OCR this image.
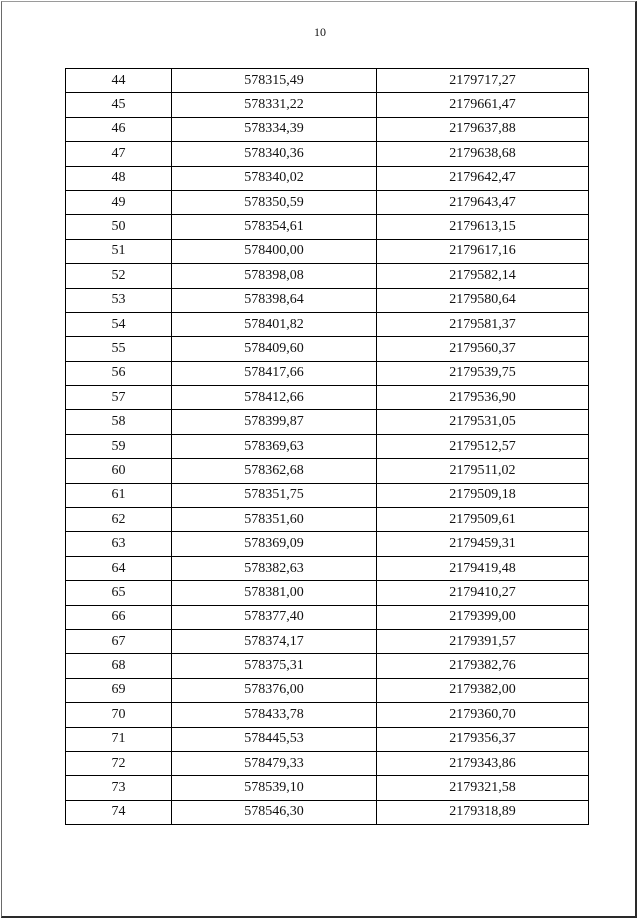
10
44	578315,49	2179717,27
45	578331,22	2179661,47
46	578334,39	2179637,88
47	578340,36	2179638,68
48	578340,02	2179642,47
49	578350,59	2179643,47
50	578354,61	2179613,15
51	578400,00	2179617,16
52	578398,08	2179582,14
53	578398,64	2179580,64
54	578401,82	2179581,37
55	578409,60	2179560,37
56	578417,66	2179539,75
57	578412,66	2179536,90
58	578399,87	2179531,05
59	578369,63	2179512,57
60	578362,68	2179511,02
61	578351,75	2179509,18
62	578351,60	2179509,61
63	578369,09	2179459,31
64	578382,63	2179419,48
65	578381,00	2179410,27
66	578377,40	2179399,00
67	578374,17	2179391,57
68	578375,31	2179382,76
69	578376,00	2179382,00
70	578433,78	2179360,70
71	578445,53	2179356,37
72	578479,33	2179343,86
73	578539,10	2179321,58
74	578546,30	2179318,89
